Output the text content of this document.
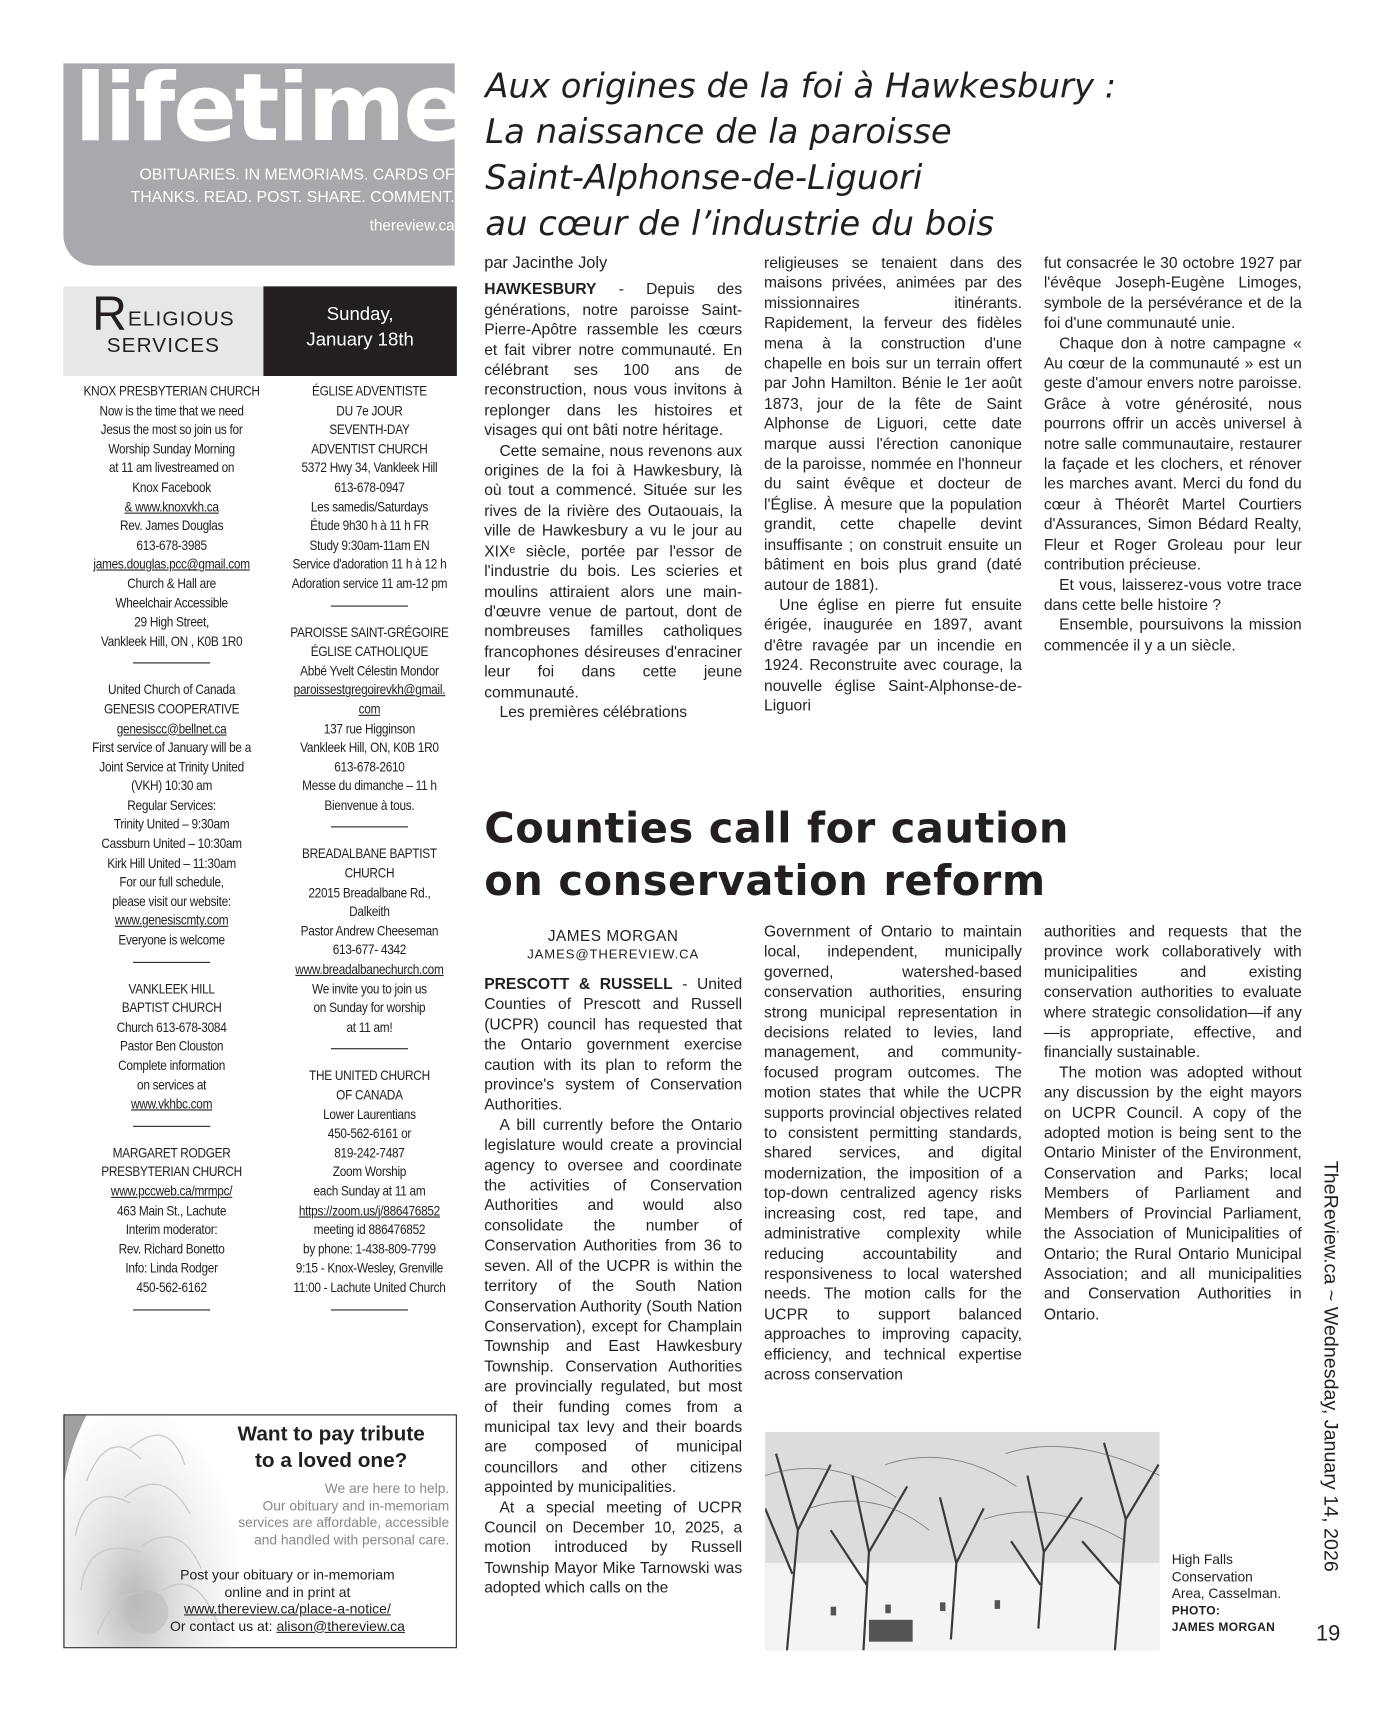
lifetimes
OBITUARIES. IN MEMORIAMS. CARDS OF
THANKS. READ. POST. SHARE. COMMENT.
thereview.ca
RELIGIOUS
SERVICES
Sunday,
January 18th
KNOX PRESBYTERIAN CHURCH
Now is the time that we need
Jesus the most so join us for
Worship Sunday Morning
at 11 am livestreamed on
Knox Facebook
& www.knoxvkh.ca
Rev. James Douglas
613-678-3985
james.douglas.pcc@gmail.com
Church & Hall are
Wheelchair Accessible
29 High Street,
Vankleek Hill, ON , K0B 1R0
United Church of Canada
GENESIS COOPERATIVE
genesiscc@bellnet.ca
First service of January will be a
Joint Service at Trinity United
(VKH) 10:30 am
Regular Services:
Trinity United – 9:30am
Cassburn United – 10:30am
Kirk Hill United – 11:30am
For our full schedule,
please visit our website:
www.genesiscmty.com
Everyone is welcome
VANKLEEK HILL
BAPTIST CHURCH
Church 613-678-3084
Pastor Ben Clouston
Complete information
on services at
www.vkhbc.com
MARGARET RODGER
PRESBYTERIAN CHURCH
www.pccweb.ca/mrmpc/
463 Main St., Lachute
Interim moderator:
Rev. Richard Bonetto
Info: Linda Rodger
450-562-6162
ÉGLISE ADVENTISTE
DU 7e JOUR
SEVENTH-DAY
ADVENTIST CHURCH
5372 Hwy 34, Vankleek Hill
613-678-0947
Les samedis/Saturdays
Étude 9h30 h à 11 h FR
Study 9:30am-11am EN
Service d'adoration 11 h à 12 h
Adoration service 11 am-12 pm
PAROISSE SAINT-GRÉGOIRE
ÉGLISE CATHOLIQUE
Abbé Yvelt Célestin Mondor
paroissestgregoirevkh@gmail.
com
137 rue Higginson
Vankleek Hill, ON, K0B 1R0
613-678-2610
Messe du dimanche – 11 h
Bienvenue à tous.
BREADALBANE BAPTIST
CHURCH
22015 Breadalbane Rd.,
Dalkeith
Pastor Andrew Cheeseman
613-677- 4342
www.breadalbanechurch.com
We invite you to join us
on Sunday for worship
at 11 am!
THE UNITED CHURCH
OF CANADA
Lower Laurentians
450-562-6161 or
819-242-7487
Zoom Worship
each Sunday at 11 am
https://zoom.us/j/886476852
meeting id 886476852
by phone: 1-438-809-7799
9:15 - Knox-Wesley, Grenville
11:00 - Lachute United Church
Want to pay tribute
to a loved one?
We are here to help.
Our obituary and in-memoriam
services are affordable, accessible
and handled with personal care.
Post your obituary or in-memoriam
online and in print at
www.thereview.ca/place-a-notice/
Or contact us at: alison@thereview.ca
Aux origines de la foi à Hawkesbury :
La naissance de la paroisse
Saint-Alphonse-de-Liguori
au cœur de l’industrie du bois
par Jacinthe Joly

HAWKESBURY - Depuis des générations, notre paroisse Saint-Pierre-Apôtre rassemble les cœurs et fait vibrer notre communauté. En célébrant ses 100 ans de reconstruction, nous vous invitons à replonger dans les histoires et visages qui ont bâti notre héritage.

Cette semaine, nous revenons aux origines de la foi à Hawkesbury, là où tout a commencé. Située sur les rives de la rivière des Outaouais, la ville de Hawkesbury a vu le jour au XIXᵉ siècle, portée par l'essor de l'industrie du bois. Les scieries et moulins attiraient alors une main-d'œuvre venue de partout, dont de nombreuses familles catholiques francophones désireuses d'enraciner leur foi dans cette jeune communauté.

Les premières célébrations

religieuses se tenaient dans des maisons privées, animées par des missionnaires itinérants. Rapidement, la ferveur des fidèles mena à la construction d'une chapelle en bois sur un terrain offert par John Hamilton. Bénie le 1er août 1873, jour de la fête de Saint Alphonse de Liguori, cette date marque aussi l'érection canonique de la paroisse, nommée en l'honneur du saint évêque et docteur de l'Église. À mesure que la population grandit, cette chapelle devint insuffisante ; on construit ensuite un bâtiment en bois plus grand (daté autour de 1881).

Une église en pierre fut ensuite érigée, inaugurée en 1897, avant d'être ravagée par un incendie en 1924. Reconstruite avec courage, la nouvelle église Saint-Alphonse-de-Liguori

fut consacrée le 30 octobre 1927 par l'évêque Joseph-Eugène Limoges, symbole de la persévérance et de la foi d'une communauté unie.

Chaque don à notre campagne « Au cœur de la communauté » est un geste d'amour envers notre paroisse. Grâce à votre générosité, nous pourrons offrir un accès universel à notre salle communautaire, restaurer la façade et les clochers, et rénover les marches avant. Merci du fond du cœur à Théorêt Martel Courtiers d'Assurances, Simon Bédard Realty, Fleur et Roger Groleau pour leur contribution précieuse.

Et vous, laisserez-vous votre trace dans cette belle histoire ?

Ensemble, poursuivons la mission commencée il y a un siècle.

Counties call for caution
on conservation reform
JAMES MORGAN
JAMES@THEREVIEW.CA

PRESCOTT & RUSSELL - United Counties of Prescott and Russell (UCPR) council has requested that the Ontario government exercise caution with its plan to reform the province's system of Conservation Authorities.

A bill currently before the Ontario legislature would create a provincial agency to oversee and coordinate the activities of Conservation Authorities and would also consolidate the number of Conservation Authorities from 36 to seven. All of the UCPR is within the territory of the South Nation Conservation Authority (South Nation Conservation), except for Champlain Township and East Hawkesbury Township. Conservation Authorities are provincially regulated, but most of their funding comes from a municipal tax levy and their boards are composed of municipal councillors and other citizens appointed by municipalities.

At a special meeting of UCPR Council on December 10, 2025, a motion introduced by Russell Township Mayor Mike Tarnowski was adopted which calls on the

Government of Ontario to maintain local, independent, municipally governed, watershed-based conservation authorities, ensuring strong municipal representation in decisions related to levies, land management, and community-focused program outcomes. The motion states that while the UCPR supports provincial objectives related to consistent permitting standards, shared services, and digital modernization, the imposition of a top-down centralized agency risks increasing cost, red tape, and administrative complexity while reducing accountability and responsiveness to local watershed needs. The motion calls for the UCPR to support balanced approaches to improving capacity, efficiency, and technical expertise across conservation

authorities and requests that the province work collaboratively with municipalities and existing conservation authorities to evaluate where strategic consolidation—if any—is appropriate, effective, and financially sustainable.

The motion was adopted without any discussion by the eight mayors on UCPR Council. A copy of the adopted motion is being sent to the Ontario Minister of the Environment, Conservation and Parks; local Members of Parliament and Members of Provincial Parliament, the Association of Municipalities of Ontario; the Rural Ontario Municipal Association; and all municipalities and Conservation Authorities in Ontario.

High Falls
Conservation
Area, Casselman.
PHOTO:
JAMES MORGAN
TheReview.ca ~ Wednesday, January 14, 2026
19
